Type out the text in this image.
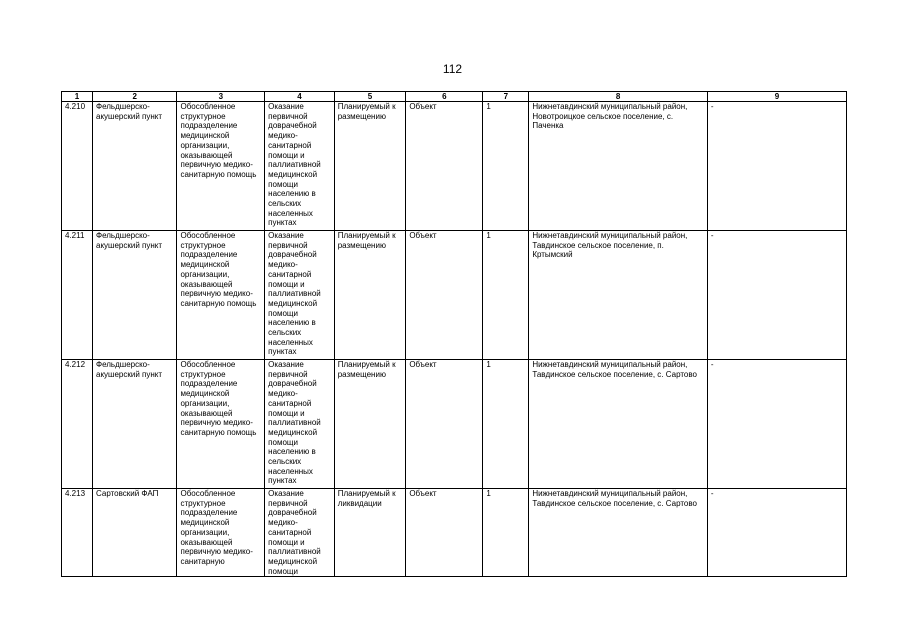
112
1	2	3	4	5	6	7	8	9
4.210	Фельдшерско-акушерский пункт	Обособленное структурное подразделение медицинской организации, оказывающей первичную медико-санитарную помощь	Оказание первичной доврачебной медико-санитарной помощи и паллиативной медицинской помощи населению в сельских населенных пунктах	Планируемый к размещению	Объект	1	Нижнетавдинский муниципальный район, Новотроицкое сельское поселение, с. Паченка	-
4.211	Фельдшерско-акушерский пункт	Обособленное структурное подразделение медицинской организации, оказывающей первичную медико-санитарную помощь	Оказание первичной доврачебной медико-санитарной помощи и паллиативной медицинской помощи населению в сельских населенных пунктах	Планируемый к размещению	Объект	1	Нижнетавдинский муниципальный район, Тавдинское сельское поселение, п. Кртымский	-
4.212	Фельдшерско-акушерский пункт	Обособленное структурное подразделение медицинской организации, оказывающей первичную медико-санитарную помощь	Оказание первичной доврачебной медико-санитарной помощи и паллиативной медицинской помощи населению в сельских населенных пунктах	Планируемый к размещению	Объект	1	Нижнетавдинский муниципальный район, Тавдинское сельское поселение, с. Сартово	-
4.213	Сартовский ФАП	Обособленное структурное подразделение медицинской организации, оказывающей первичную медико-санитарную	Оказание первичной доврачебной медико-санитарной помощи и паллиативной медицинской помощи	Планируемый к ликвидации	Объект	1	Нижнетавдинский муниципальный район, Тавдинское сельское поселение, с. Сартово	-
